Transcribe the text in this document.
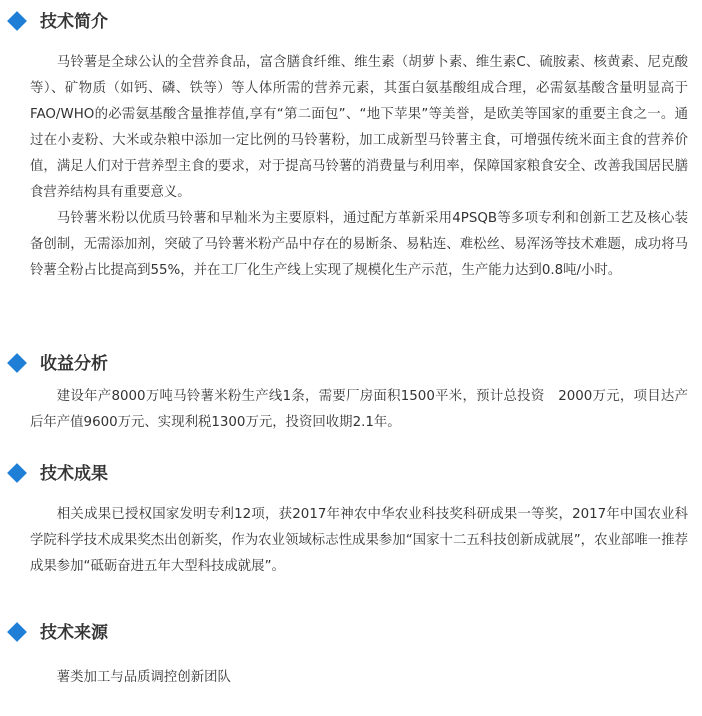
技术简介

马铃薯是全球公认的全营养食品，富含膳食纤维、维生素（胡萝卜素、维生素C、硫胺素、核黄素、尼克酸等）、矿物质（如钙、磷、铁等）等人体所需的营养元素，其蛋白氨基酸组成合理，必需氨基酸含量明显高于FAO/WHO的必需氨基酸含量推荐值,享有“第二面包”、“地下苹果”等美誉，是欧美等国家的重要主食之一。通过在小麦粉、大米或杂粮中添加一定比例的马铃薯粉，加工成新型马铃薯主食，可增强传统米面主食的营养价值，满足人们对于营养型主食的要求，对于提高马铃薯的消费量与利用率，保障国家粮食安全、改善我国居民膳食营养结构具有重要意义。

马铃薯米粉以优质马铃薯和早籼米为主要原料，通过配方革新采用4PSQB等多项专利和创新工艺及核心装备创制，无需添加剂，突破了马铃薯米粉产品中存在的易断条、易粘连、难松丝、易浑汤等技术难题，成功将马铃薯全粉占比提高到55%，并在工厂化生产线上实现了规模化生产示范，生产能力达到0.8吨/小时。

收益分析

建设年产8000万吨马铃薯米粉生产线1条，需要厂房面积1500平米，预计总投资　2000万元，项目达产后年产值9600万元、实现利税1300万元，投资回收期2.1年。

技术成果

相关成果已授权国家发明专利12项，获2017年神农中华农业科技奖科研成果一等奖，2017年中国农业科学院科学技术成果奖杰出创新奖，作为农业领域标志性成果参加“国家十二五科技创新成就展”，农业部唯一推荐成果参加“砥砺奋进五年大型科技成就展”。

技术来源

薯类加工与品质调控创新团队
